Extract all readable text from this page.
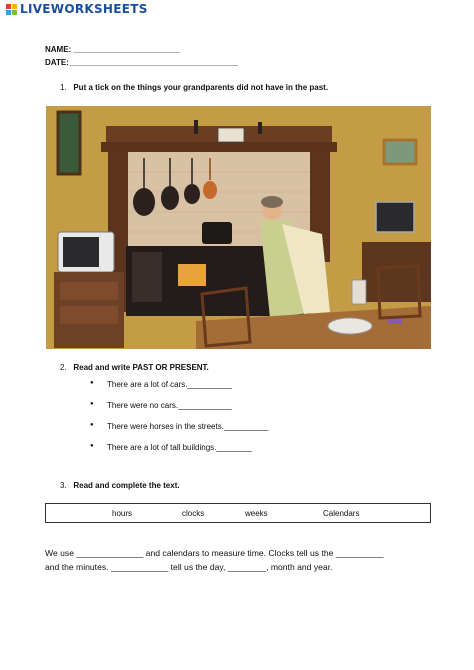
LIVEWORKSHEETS
NAME: ________________________
DATE:______________________________________
1. Put a tick on the things your grandparents did not have in the past.
2. Read and write PAST OR PRESENT.
● There are a lot of cars.__________
● There were no cars.____________
● There were horses in the streets.__________
● There are a lot of tall buildings.________
3. Read and complete the text.
hours	clocks	weeks	Calendars
We use ______________ and calendars to measure time. Clocks tell us the __________
and the minutes. ____________ tell us the day, ________, month and year.
